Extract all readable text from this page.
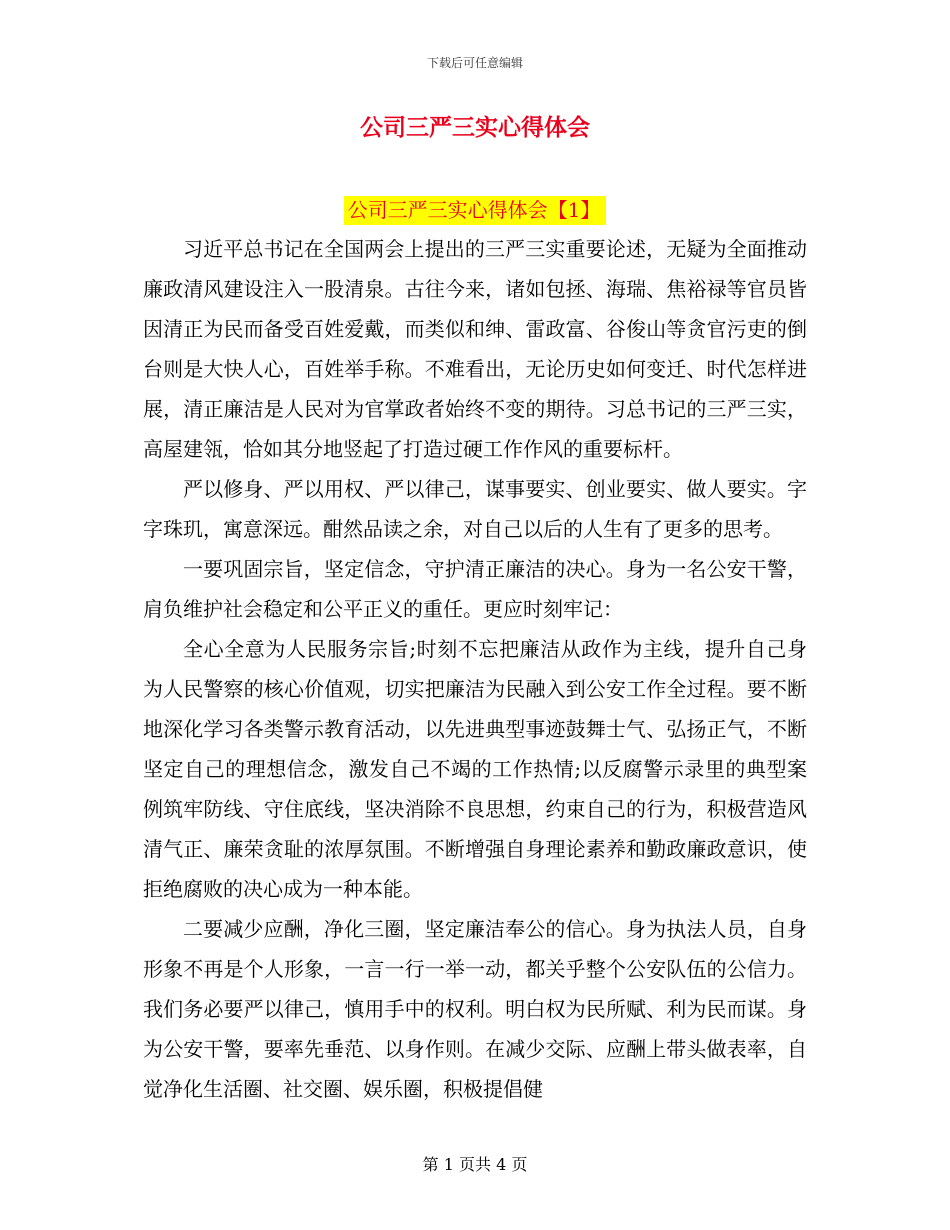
下载后可任意编辑
公司三严三实心得体会
公司三严三实心得体会【1】

习近平总书记在全国两会上提出的三严三实重要论述，无疑为全面推动廉政清风建设注入一股清泉。古往今来，诸如包拯、海瑞、焦裕禄等官员皆因清正为民而备受百姓爱戴，而类似和绅、雷政富、谷俊山等贪官污吏的倒台则是大快人心，百姓举手称。不难看出，无论历史如何变迁、时代怎样进展，清正廉洁是人民对为官掌政者始终不变的期待。习总书记的三严三实，高屋建瓴，恰如其分地竖起了打造过硬工作作风的重要标杆。

严以修身、严以用权、严以律己，谋事要实、创业要实、做人要实。字字珠玑，寓意深远。酣然品读之余，对自己以后的人生有了更多的思考。

一要巩固宗旨，坚定信念，守护清正廉洁的决心。身为一名公安干警，肩负维护社会稳定和公平正义的重任。更应时刻牢记：

全心全意为人民服务宗旨;时刻不忘把廉洁从政作为主线，提升自己身为人民警察的核心价值观，切实把廉洁为民融入到公安工作全过程。要不断地深化学习各类警示教育活动，以先进典型事迹鼓舞士气、弘扬正气，不断坚定自己的理想信念，激发自己不竭的工作热情;以反腐警示录里的典型案例筑牢防线、守住底线，坚决消除不良思想，约束自己的行为，积极营造风清气正、廉荣贪耻的浓厚氛围。不断增强自身理论素养和勤政廉政意识，使拒绝腐败的决心成为一种本能。

二要减少应酬，净化三圈，坚定廉洁奉公的信心。身为执法人员，自身形象不再是个人形象，一言一行一举一动，都关乎整个公安队伍的公信力。我们务必要严以律己，慎用手中的权利。明白权为民所赋、利为民而谋。身为公安干警，要率先垂范、以身作则。在减少交际、应酬上带头做表率，自觉净化生活圈、社交圈、娱乐圈，积极提倡健

第 1 页共 4 页
